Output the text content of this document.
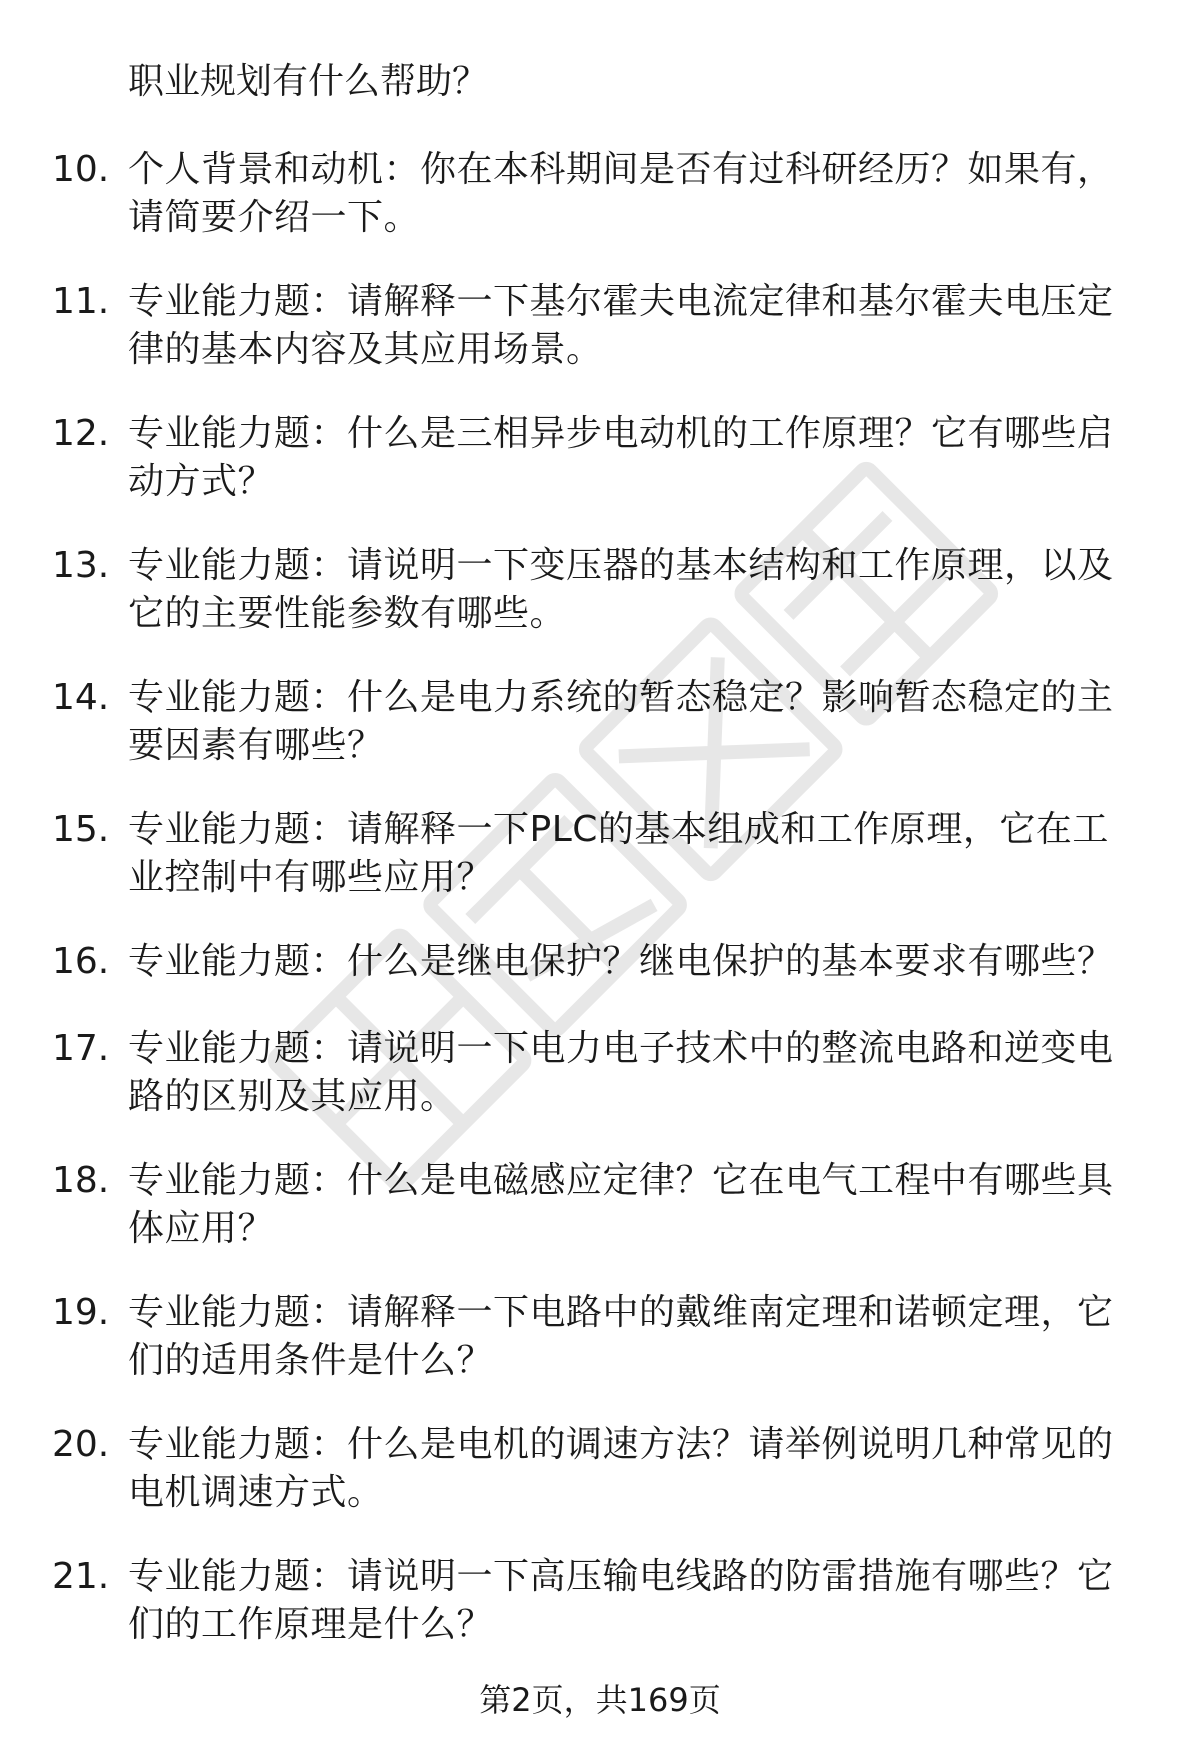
职业规划有什么帮助？

10. 个人背景和动机：你在本科期间是否有过科研经历？如果有，请简要介绍一下。
11. 专业能力题：请解释一下基尔霍夫电流定律和基尔霍夫电压定律的基本内容及其应用场景。
12. 专业能力题：什么是三相异步电动机的工作原理？它有哪些启动方式？
13. 专业能力题：请说明一下变压器的基本结构和工作原理，以及它的主要性能参数有哪些。
14. 专业能力题：什么是电力系统的暂态稳定？影响暂态稳定的主要因素有哪些？
15. 专业能力题：请解释一下PLC的基本组成和工作原理，它在工业控制中有哪些应用？
16. 专业能力题：什么是继电保护？继电保护的基本要求有哪些？
17. 专业能力题：请说明一下电力电子技术中的整流电路和逆变电路的区别及其应用。
18. 专业能力题：什么是电磁感应定律？它在电气工程中有哪些具体应用？
19. 专业能力题：请解释一下电路中的戴维南定理和诺顿定理，它们的适用条件是什么？
20. 专业能力题：什么是电机的调速方法？请举例说明几种常见的电机调速方式。
21. 专业能力题：请说明一下高压输电线路的防雷措施有哪些？它们的工作原理是什么？
第2页，共169页
